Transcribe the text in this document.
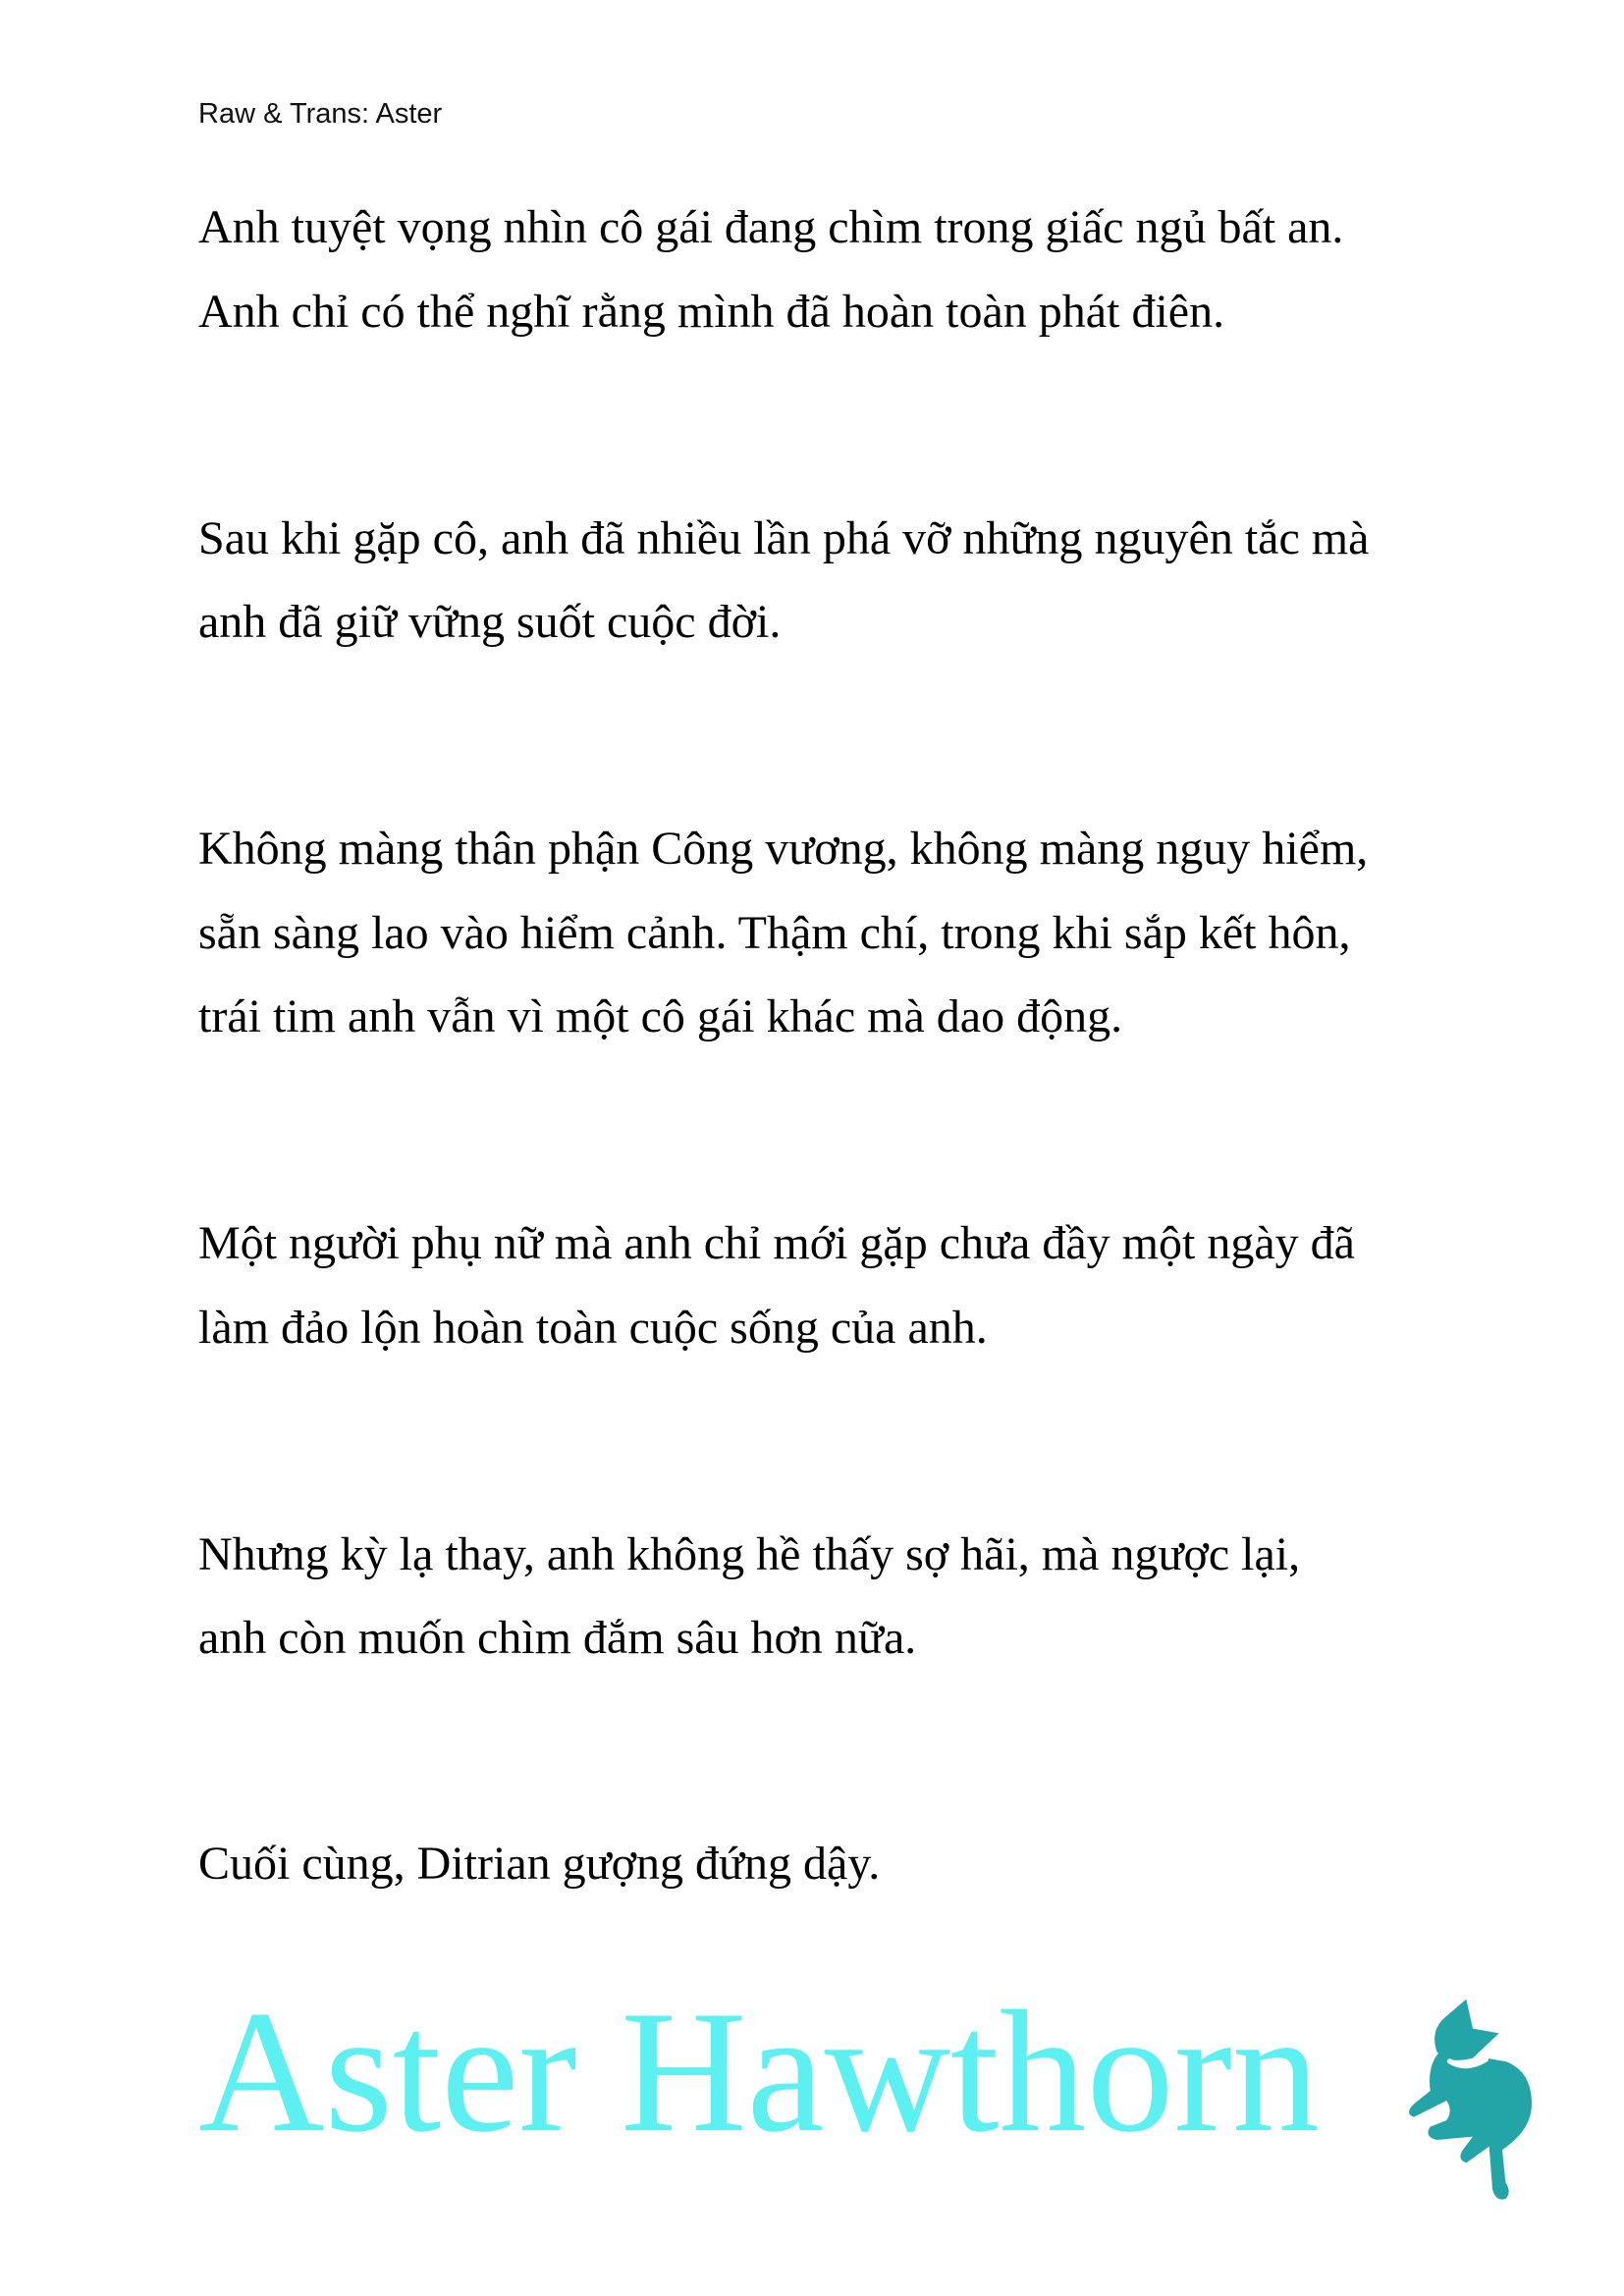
Raw & Trans: Aster
Anh tuyệt vọng nhìn cô gái đang chìm trong giấc ngủ bất an.
Anh chỉ có thể nghĩ rằng mình đã hoàn toàn phát điên.
Sau khi gặp cô, anh đã nhiều lần phá vỡ những nguyên tắc mà
anh đã giữ vững suốt cuộc đời.
Không màng thân phận Công vương, không màng nguy hiểm,
sẵn sàng lao vào hiểm cảnh. Thậm chí, trong khi sắp kết hôn,
trái tim anh vẫn vì một cô gái khác mà dao động.
Một người phụ nữ mà anh chỉ mới gặp chưa đầy một ngày đã
làm đảo lộn hoàn toàn cuộc sống của anh.
Nhưng kỳ lạ thay, anh không hề thấy sợ hãi, mà ngược lại,
anh còn muốn chìm đắm sâu hơn nữa.
Cuối cùng, Ditrian gượng đứng dậy.
Aster Hawthorn
